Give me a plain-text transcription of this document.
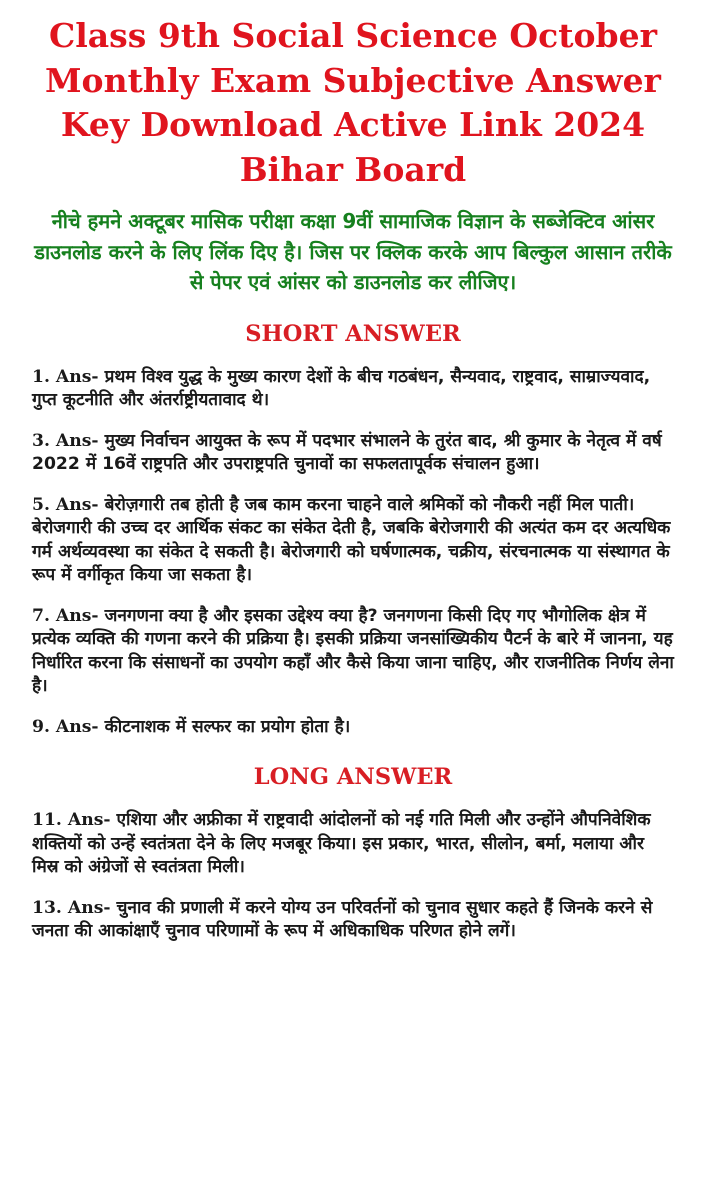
Class 9th Social Science October Monthly Exam Subjective Answer Key Download Active Link 2024 Bihar Board

नीचे हमने अक्टूबर मासिक परीक्षा कक्षा 9वीं सामाजिक विज्ञान के सब्जेक्टिव आंसर डाउनलोड करने के लिए लिंक दिए है। जिस पर क्लिक करके आप बिल्कुल आसान तरीके से पेपर एवं आंसर को डाउनलोड कर लीजिए।

SHORT ANSWER

1. Ans- प्रथम विश्व युद्ध के मुख्य कारण देशों के बीच गठबंधन, सैन्यवाद, राष्ट्रवाद, साम्राज्यवाद, गुप्त कूटनीति और अंतर्राष्ट्रीयतावाद थे।

3. Ans- मुख्य निर्वाचन आयुक्त के रूप में पदभार संभालने के तुरंत बाद, श्री कुमार के नेतृत्व में वर्ष 2022 में 16वें राष्ट्रपति और उपराष्ट्रपति चुनावों का सफलतापूर्वक संचालन हुआ।

5. Ans- बेरोज़गारी तब होती है जब काम करना चाहने वाले श्रमिकों को नौकरी नहीं मिल पाती। बेरोजगारी की उच्च दर आर्थिक संकट का संकेत देती है, जबकि बेरोजगारी की अत्यंत कम दर अत्यधिक गर्म अर्थव्यवस्था का संकेत दे सकती है। बेरोजगारी को घर्षणात्मक, चक्रीय, संरचनात्मक या संस्थागत के रूप में वर्गीकृत किया जा सकता है।

7. Ans- जनगणना क्या है और इसका उद्देश्य क्या है? जनगणना किसी दिए गए भौगोलिक क्षेत्र में प्रत्येक व्यक्ति की गणना करने की प्रक्रिया है। इसकी प्रक्रिया जनसांख्यिकीय पैटर्न के बारे में जानना, यह निर्धारित करना कि संसाधनों का उपयोग कहाँ और कैसे किया जाना चाहिए, और राजनीतिक निर्णय लेना है।

9. Ans- कीटनाशक में सल्फर का प्रयोग होता है।

LONG ANSWER

11. Ans- एशिया और अफ्रीका में राष्ट्रवादी आंदोलनों को नई गति मिली और उन्होंने औपनिवेशिक शक्तियों को उन्हें स्वतंत्रता देने के लिए मजबूर किया। इस प्रकार, भारत, सीलोन, बर्मा, मलाया और मिस्र को अंग्रेजों से स्वतंत्रता मिली।

13. Ans- चुनाव की प्रणाली में करने योग्य उन परिवर्तनों को चुनाव सुधार कहते हैं जिनके करने से जनता की आकांक्षाएँ चुनाव परिणामों के रूप में अधिकाधिक परिणत होने लगें।
